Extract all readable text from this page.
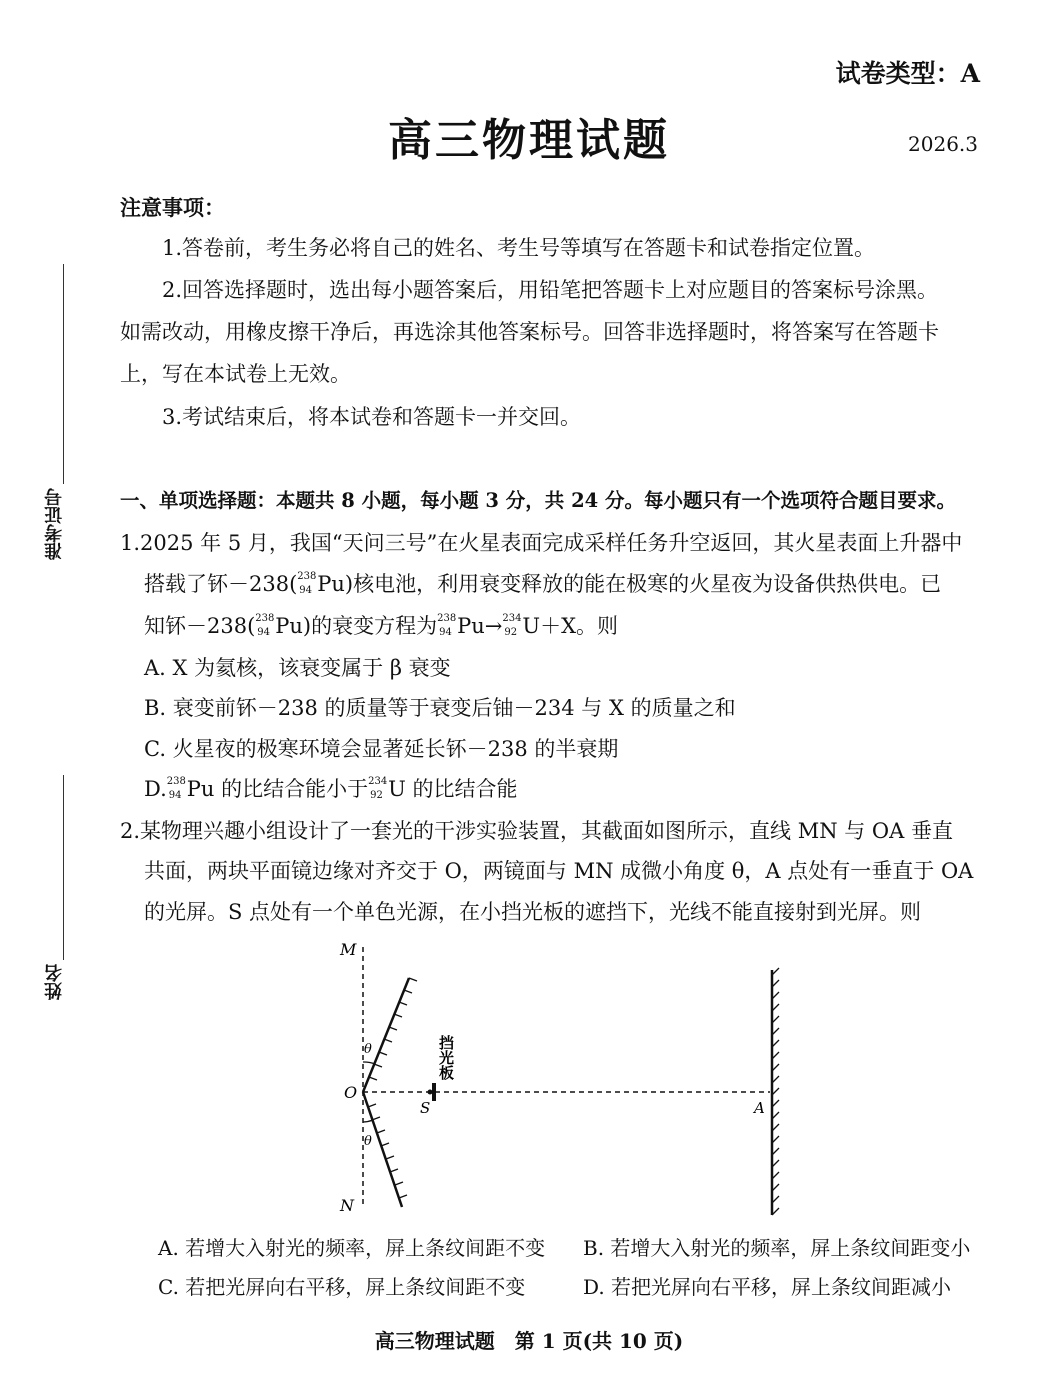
试卷类型：A
高三物理试题	2026.3
准考证号
姓名
注意事项：
1.答卷前，考生务必将自己的姓名、考生号等填写在答题卡和试卷指定位置。
2.回答选择题时，选出每小题答案后，用铅笔把答题卡上对应题目的答案标号涂黑。
如需改动，用橡皮擦干净后，再选涂其他答案标号。回答非选择题时，将答案写在答题卡
上，写在本试卷上无效。
3.考试结束后，将本试卷和答题卡一并交回。
一、单项选择题：本题共 8 小题，每小题 3 分，共 24 分。每小题只有一个选项符合题目要求。
1.2025 年 5 月，我国“天问三号”在火星表面完成采样任务升空返回，其火星表面上升器中
搭载了钚－238( 238
94 Pu)核电池，利用衰变释放的能在极寒的火星夜为设备供热供电。已
知钚－238( 238
94 Pu)的衰变方程为 238
94 Pu→ 234
92 U＋X。则
A. X 为氦核，该衰变属于 β 衰变
B. 衰变前钚－238 的质量等于衰变后铀－234 与 X 的质量之和
C. 火星夜的极寒环境会显著延长钚－238 的半衰期
D. 238
94 Pu 的比结合能小于 234
92 U 的比结合能
2.某物理兴趣小组设计了一套光的干涉实验装置，其截面如图所示，直线 MN 与 OA 垂直
共面，两块平面镜边缘对齐交于 O，两镜面与 MN 成微小角度 θ，A 点处有一垂直于 OA
的光屏。S 点处有一个单色光源，在小挡光板的遮挡下，光线不能直接射到光屏。则
M
N
O
S	A
θ
θ
挡光板
A. 若增大入射光的频率，屏上条纹间距不变 B. 若增大入射光的频率，屏上条纹间距变小
C. 若把光屏向右平移，屏上条纹间距不变	D. 若把光屏向右平移，屏上条纹间距减小
高三物理试题　第 1 页(共 10 页)
